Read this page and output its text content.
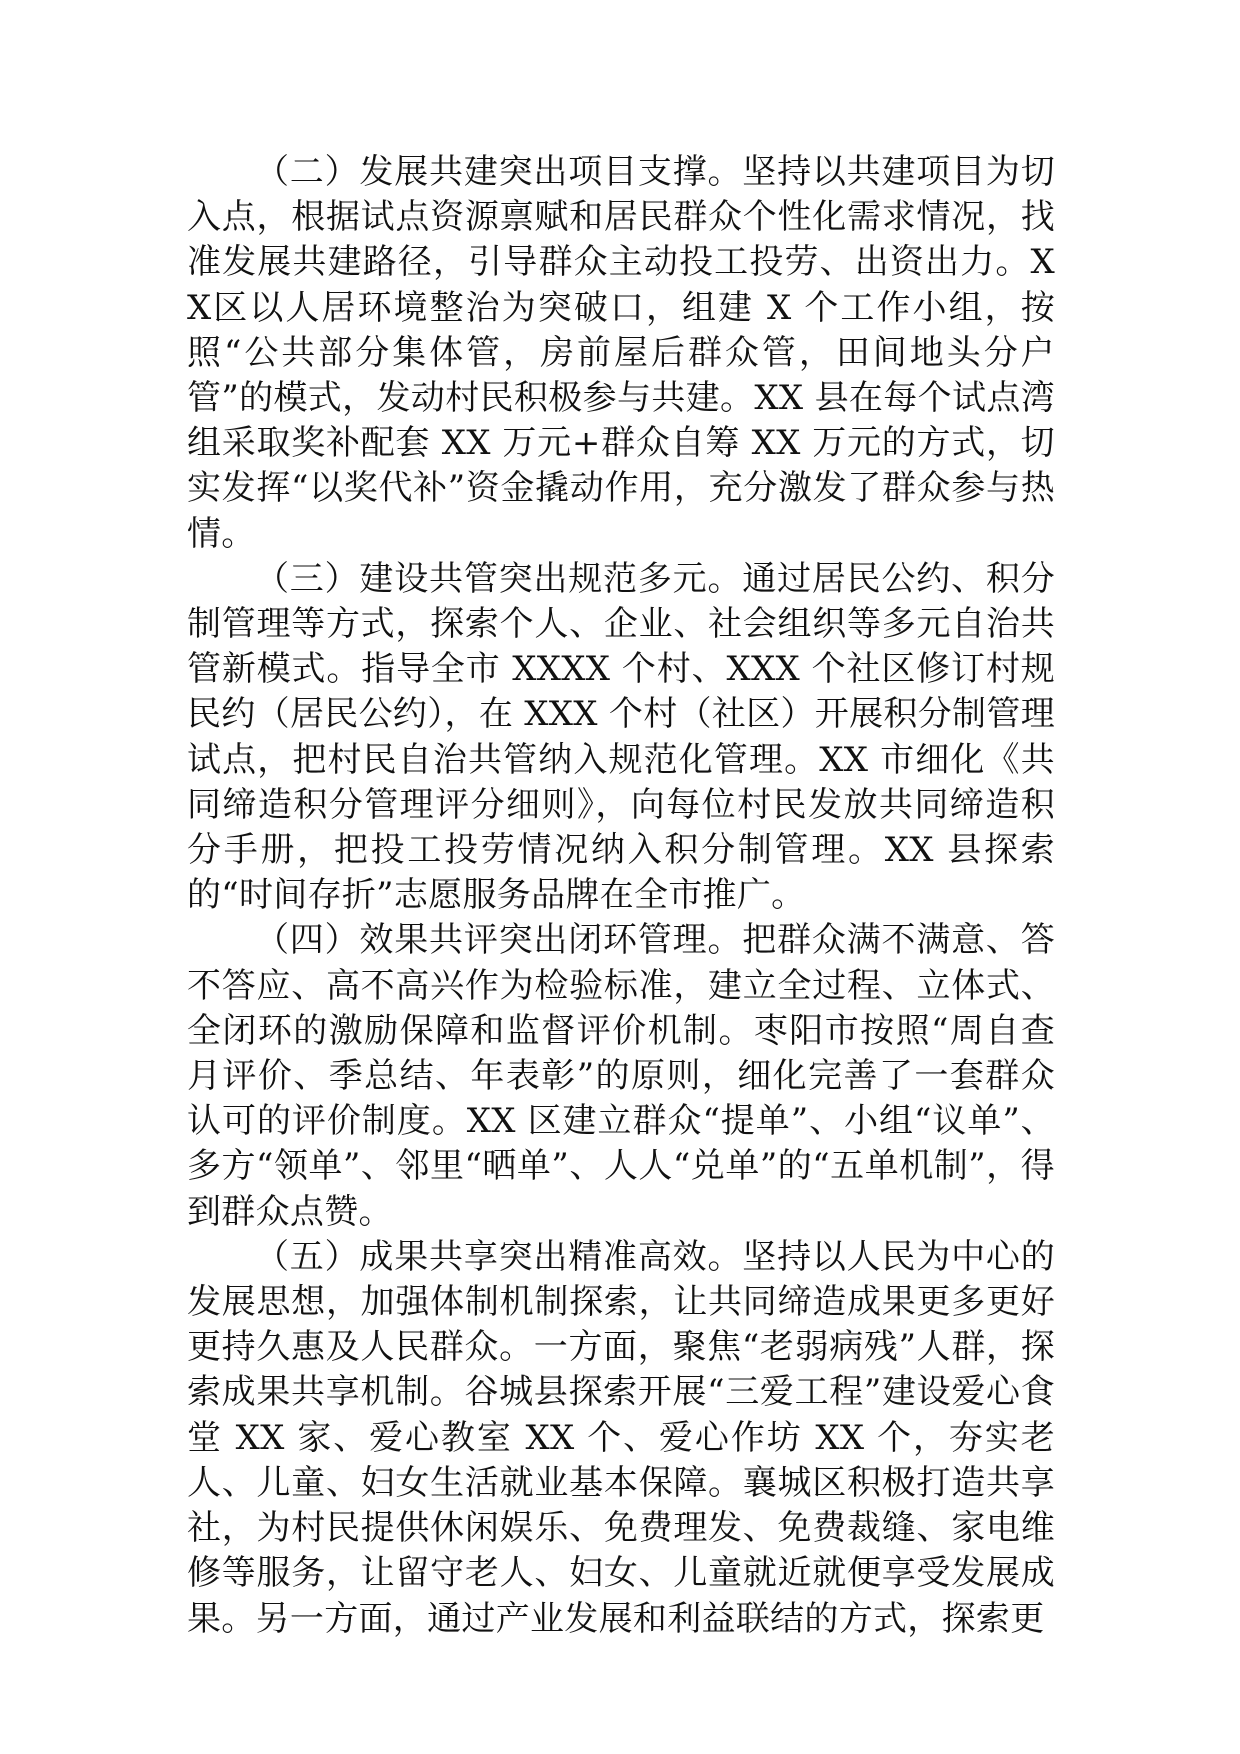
（二）发展共建突出项目支撑。坚持以共建项目为切入点，根据试点资源禀赋和居民群众个性化需求情况，找准发展共建路径，引导群众主动投工投劳、出资出力。XX区以人居环境整治为突破口，组建 X 个工作小组，按照“公共部分集体管，房前屋后群众管，田间地头分户管”的模式，发动村民积极参与共建。XX 县在每个试点湾组采取奖补配套 XX 万元+群众自筹 XX 万元的方式，切实发挥“以奖代补”资金撬动作用，充分激发了群众参与热情。

（三）建设共管突出规范多元。通过居民公约、积分制管理等方式，探索个人、企业、社会组织等多元自治共管新模式。指导全市 XXXX 个村、XXX 个社区修订村规民约（居民公约），在 XXX 个村（社区）开展积分制管理试点，把村民自治共管纳入规范化管理。XX 市细化《共同缔造积分管理评分细则》，向每位村民发放共同缔造积分手册，把投工投劳情况纳入积分制管理。XX 县探索的“时间存折”志愿服务品牌在全市推广。

（四）效果共评突出闭环管理。把群众满不满意、答不答应、高不高兴作为检验标准，建立全过程、立体式、全闭环的激励保障和监督评价机制。枣阳市按照“周自查月评价、季总结、年表彰”的原则，细化完善了一套群众认可的评价制度。XX 区建立群众“提单”、小组“议单”、多方“领单”、邻里“晒单”、人人“兑单”的“五单机制”，得到群众点赞。

（五）成果共享突出精准高效。坚持以人民为中心的发展思想，加强体制机制探索，让共同缔造成果更多更好更持久惠及人民群众。一方面，聚焦“老弱病残”人群，探索成果共享机制。谷城县探索开展“三爱工程”建设爱心食堂 XX 家、爱心教室 XX 个、爱心作坊 XX 个，夯实老人、儿童、妇女生活就业基本保障。襄城区积极打造共享社，为村民提供休闲娱乐、免费理发、免费裁缝、家电维修等服务，让留守老人、妇女、儿童就近就便享受发展成果。另一方面，通过产业发展和利益联结的方式，探索更
